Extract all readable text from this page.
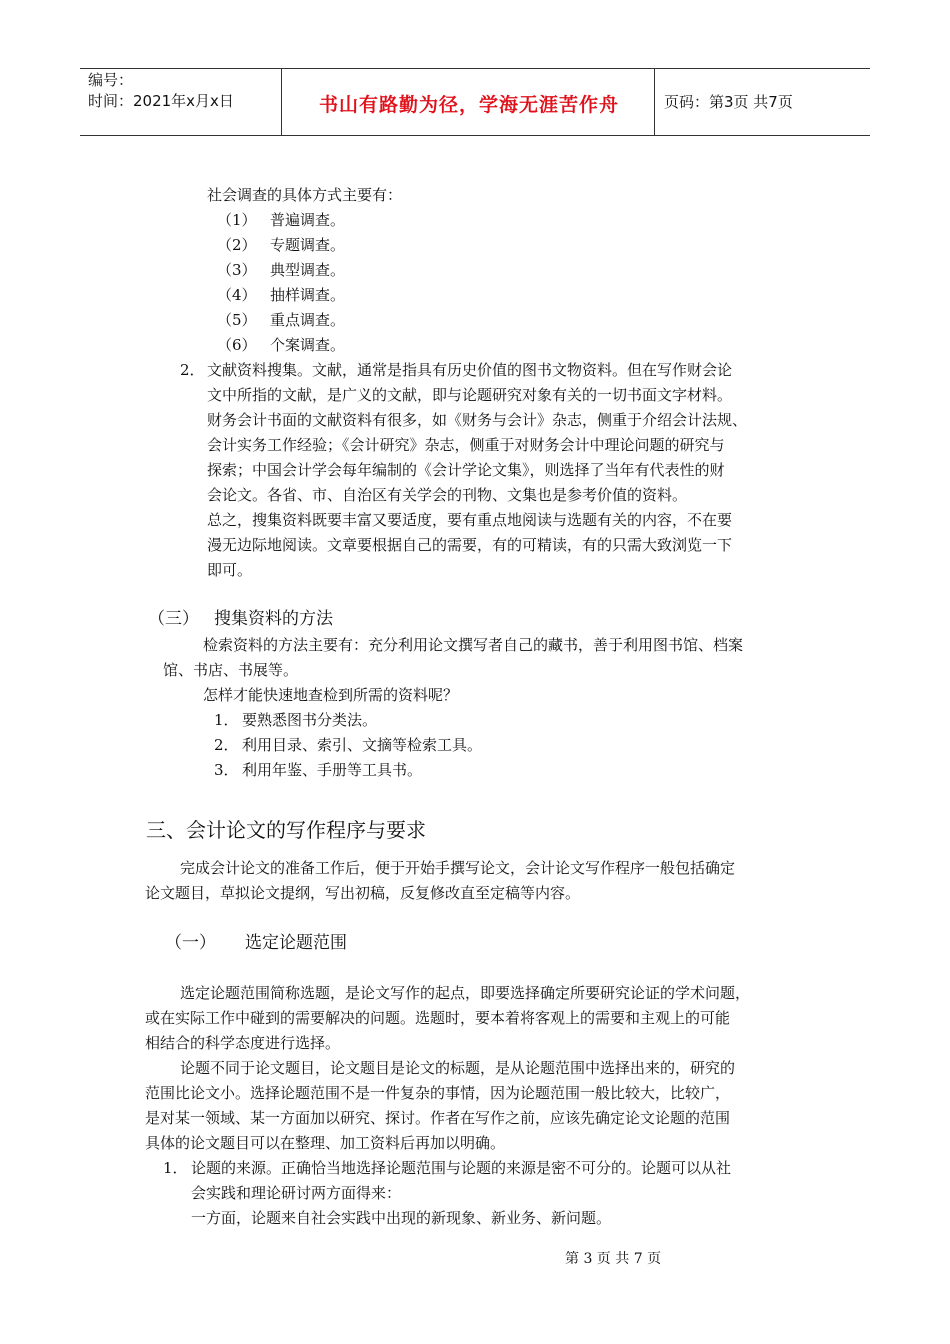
编号：
时间：2021年x月x日	书山有路勤为径，学海无涯苦作舟	页码：第3页 共7页
社会调查的具体方式主要有：
（1） 普遍调查。
（2） 专题调查。
（3） 典型调查。
（4） 抽样调查。
（5） 重点调查。
（6） 个案调查。
2． 文献资料搜集。文献，通常是指具有历史价值的图书文物资料。但在写作财会论
文中所指的文献，是广义的文献，即与论题研究对象有关的一切书面文字材料。
财务会计书面的文献资料有很多，如《财务与会计》杂志，侧重于介绍会计法规、
会计实务工作经验；《会计研究》杂志，侧重于对财务会计中理论问题的研究与
探索；中国会计学会每年编制的《会计学论文集》，则选择了当年有代表性的财
会论文。各省、市、自治区有关学会的刊物、文集也是参考价值的资料。
总之，搜集资料既要丰富又要适度，要有重点地阅读与选题有关的内容，不在要
漫无边际地阅读。文章要根据自己的需要，有的可精读，有的只需大致浏览一下
即可。
（三） 搜集资料的方法
检索资料的方法主要有：充分利用论文撰写者自己的藏书，善于利用图书馆、档案
馆、书店、书展等。
怎样才能快速地查检到所需的资料呢？
1． 要熟悉图书分类法。
2． 利用目录、索引、文摘等检索工具。
3． 利用年鉴、手册等工具书。
三、会计论文的写作程序与要求
完成会计论文的准备工作后，便于开始手撰写论文，会计论文写作程序一般包括确定
论文题目，草拟论文提纲，写出初稿，反复修改直至定稿等内容。
（一） 选定论题范围
选定论题范围简称选题，是论文写作的起点，即要选择确定所要研究论证的学术问题，
或在实际工作中碰到的需要解决的问题。选题时，要本着将客观上的需要和主观上的可能
相结合的科学态度进行选择。
论题不同于论文题目，论文题目是论文的标题，是从论题范围中选择出来的，研究的
范围比论文小。选择论题范围不是一件复杂的事情，因为论题范围一般比较大，比较广，
是对某一领域、某一方面加以研究、探讨。作者在写作之前，应该先确定论文论题的范围
具体的论文题目可以在整理、加工资料后再加以明确。
1． 论题的来源。正确恰当地选择论题范围与论题的来源是密不可分的。论题可以从社
会实践和理论研讨两方面得来：
一方面，论题来自社会实践中出现的新现象、新业务、新问题。
第 3 页 共 7 页
